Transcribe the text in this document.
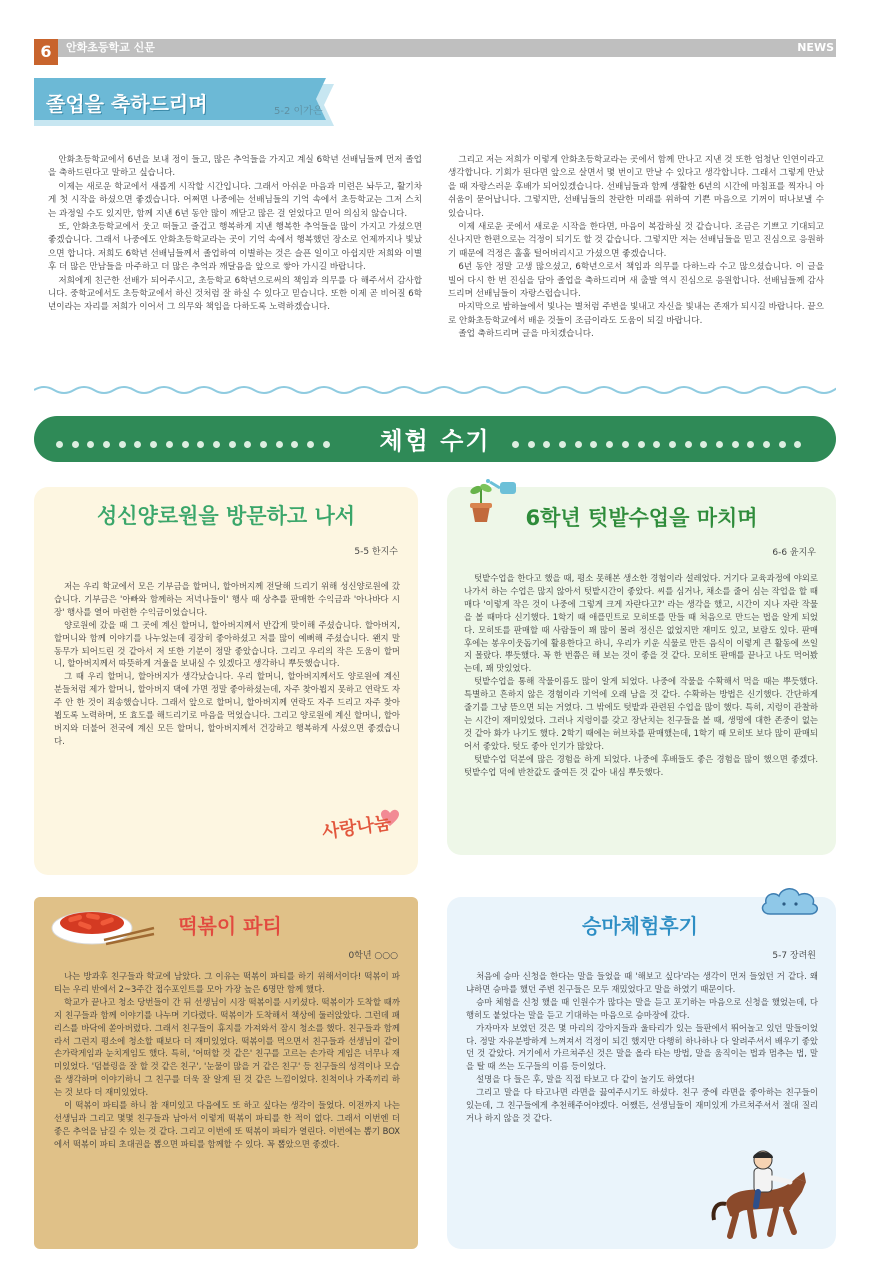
6	안화초등학교 신문	NEWS
졸업을 축하드리며	5-2 이가은

안화초등학교에서 6년을 보내 정이 들고, 많은 추억들을 가지고 계실 6학년 선배님들께 먼저 졸업을 축하드린다고 말하고 싶습니다.

이제는 새로운 학교에서 새롭게 시작할 시간입니다. 그래서 아쉬운 마음과 미련은 놔두고, 활기차게 첫 시작을 하셨으면 좋겠습니다. 어쩌면 나중에는 선배님들의 기억 속에서 초등학교는 그저 스치는 과정일 수도 있지만, 함께 지낸 6년 동안 많이 깨닫고 많은 걸 얻었다고 믿어 의심치 않습니다.

또, 안화초등학교에서 웃고 떠들고 즐겁고 행복하게 지낸 행복한 추억들을 많이 가지고 가셨으면 좋겠습니다. 그래서 나중에도 안화초등학교라는 곳이 기억 속에서 행복했던 장소로 언제까지나 빛났으면 합니다. 저희도 6학년 선배님들께서 졸업하여 이별하는 것은 슬픈 일이고 아쉽지만 저희와 이별 후 더 많은 만남들을 마주하고 더 많은 추억과 깨달음을 앞으로 쌓아 가시길 바랍니다.

저희에게 친근한 선배가 되어주시고, 초등학교 6학년으로써의 책임과 의무를 다 해주셔서 감사합니다. 중학교에서도 초등학교에서 하신 것처럼 잘 하실 수 있다고 믿습니다. 또한 이제 곧 비어질 6학년이라는 자리를 저희가 이어서 그 의무와 책임을 다하도록 노력하겠습니다.

그리고 저는 저희가 이렇게 안화초등학교라는 곳에서 함께 만나고 지낸 것 또한 엄청난 인연이라고 생각합니다. 기회가 된다면 앞으로 살면서 몇 번이고 만날 수 있다고 생각합니다. 그래서 그렇게 만났을 때 자랑스러운 후배가 되어있겠습니다. 선배님들과 함께 생활한 6년의 시간에 마침표를 찍자니 아쉬움이 묻어납니다. 그렇지만, 선배님들의 찬란한 미래를 위하여 기쁜 마음으로 기꺼이 떠나보낼 수 있습니다.

이제 새로운 곳에서 새로운 시작을 한다면, 마음이 복잡하실 것 같습니다. 조금은 기쁘고 기대되고 신나지만 한편으로는 걱정이 되기도 할 것 같습니다. 그렇지만 저는 선배님들을 믿고 진심으로 응원하기 때문에 걱정은 훌훌 털어버리시고 가셨으면 좋겠습니다.

6년 동안 정말 고생 많으셨고, 6학년으로서 책임과 의무를 다하느라 수고 많으셨습니다. 이 글을 빌어 다시 한 번 진심을 담아 졸업을 축하드리며 새 출발 역시 진심으로 응원합니다. 선배님들께 감사드리며 선배님들이 자랑스럽습니다.

마지막으로 밤하늘에서 빛나는 별처럼 주변을 빛내고 자신을 빛내는 존재가 되시길 바랍니다. 끝으로 안화초등학교에서 배운 것들이 조금이라도 도움이 되길 바랍니다.

졸업 축하드리며 글을 마치겠습니다.

체험 수기
성신양로원을 방문하고 나서
5-5 한지수

저는 우리 학교에서 모은 기부금을 할머니, 할아버지께 전달해 드리기 위해 성신양로원에 갔습니다. 기부금은 '아빠와 함께하는 저녁나들이' 행사 때 상추를 판매한 수익금과 '아나바다 시장' 행사를 열어 마련한 수익금이었습니다.

양로원에 갔을 때 그 곳에 계신 할머니, 할아버지께서 반갑게 맞이해 주셨습니다. 할아버지, 할머니와 함께 이야기를 나누었는데 굉장히 좋아하셨고 저를 많이 예뻐해 주셨습니다. 왠지 말동무가 되어드린 것 같아서 저 또한 기분이 정말 좋았습니다. 그리고 우리의 작은 도움이 할머니, 할아버지께서 따뜻하게 겨울을 보내실 수 있겠다고 생각하니 뿌듯했습니다.

그 때 우리 할머니, 할아버지가 생각났습니다. 우리 할머니, 할아버지께서도 양로원에 계신 분들처럼 제가 할머니, 할아버지 댁에 가면 정말 좋아하셨는데, 자주 찾아뵙지 못하고 연락도 자주 안 한 것이 죄송했습니다. 그래서 앞으로 할머니, 할아버지께 연락도 자주 드리고 자주 찾아뵙도록 노력하며, 또 효도를 해드리기로 마음을 먹었습니다. 그리고 양로원에 계신 할머니, 할아버지와 더불어 전국에 계신 모든 할머니, 할아버지께서 건강하고 행복하게 사셨으면 좋겠습니다.

사랑나눔
6학년 텃밭수업을 마치며
6-6 윤지우

텃밭수업을 한다고 했을 때, 평소 못해본 생소한 경험이라 설레었다. 거기다 교육과정에 야외로 나가서 하는 수업은 많지 않아서 텃밭시간이 좋았다. 씨를 심거나, 채소를 줄어 심는 작업을 할 때 매다 '이렇게 작은 것이 나중에 그렇게 크게 자란다고?' 라는 생각을 했고, 시간이 지나 자란 작물을 볼 때마다 신기했다. 1학기 때 애플민트로 모히또를 만들 때 처음으로 만드는 법을 알게 되었다. 모히또를 판매할 때 사람들이 꽤 많이 몰려 정신은 없었지만 재미도 있고, 보람도 있다. 판매 후에는 봉우이웃돕기에 활용한다고 하니, 우리가 키운 식물로 만든 음식이 이렇게 큰 활동에 쓰일지 몰랐다. 뿌듯했다. 꼭 한 번쯤은 해 보는 것이 좋을 것 같다. 모히또 판매를 끝나고 나도 먹어봤는데, 꽤 맛있었다.

텃밭수업을 통해 작물이름도 많이 알게 되었다. 나중에 작물을 수확해서 먹을 때는 뿌듯했다. 특별하고 흔하지 않은 경험이라 기억에 오래 남을 것 같다. 수확하는 방법은 신기했다. 간단하게 줄기를 그냥 뜯으면 되는 거였다. 그 밖에도 텃밭과 관련된 수업을 많이 했다. 특히, 지렁이 관찰하는 시간이 재미있었다. 그러나 지렁이를 갖고 장난치는 친구들을 볼 때, 생명에 대한 존중이 없는 것 같아 화가 나기도 했다. 2학기 때에는 허브차를 판매했는데, 1학기 때 모히또 보다 많이 판매되어서 좋았다. 텃도 좋아 인기가 많았다.

텃밭수업 덕분에 많은 경험을 하게 되었다. 나중에 후배들도 좋은 경험을 많이 했으면 좋겠다. 텃밭수업 덕에 반찬값도 줄여든 것 같아 내심 뿌듯했다.

떡볶이 파티
0학년 ○○○

나는 방과후 친구들과 학교에 남았다. 그 이유는 떡볶이 파티를 하기 위해서이다! 떡볶이 파티는 우리 반에서 2~3주간 접수포인트를 모아 가장 높은 6명만 함께 했다.

학교가 끝나고 청소 당번들이 간 뒤 선생님이 시장 떡볶이를 시키셨다. 떡볶이가 도착할 때까지 친구들과 함께 이야기를 나누며 기다렸다. 떡볶이가 도착해서 책상에 둘러앉았다. 그런데 패리스를 바닥에 쏟아버렸다. 그래서 친구들이 휴지를 가져와서 잠시 청소를 했다. 친구들과 함께라서 그런지 평소에 청소할 때보다 더 재미있었다. 떡볶이를 먹으면서 친구들과 선생님이 같이 손가락게임과 눈치게임도 했다. 특히, '어떠할 것 같은' 친구를 고르는 손가락 게임은 너무나 재미있었다. '덤블링을 잘 할 것 같은 친구', '눈물이 많을 거 같은 친구' 등 친구들의 성격이나 모습을 생각하며 이야기하니 그 친구를 더욱 잘 알게 된 것 같은 느낌이었다. 친척이나 가족끼리 하는 것 보다 더 재미있었다.

이 떡볶이 파티를 하니 참 재미있고 다음에도 또 하고 싶다는 생각이 들었다. 이전까지 나는 선생님과 그리고 몇몇 친구들과 남아서 이렇게 떡볶이 파티를 한 적이 없다. 그래서 이번엔 더 좋은 추억을 남길 수 있는 것 같다. 그리고 이번에 또 떡볶이 파티가 열린다. 이번에는 뽑기 BOX에서 떡볶이 파티 초대권을 뽑으면 파티를 함께할 수 있다. 꼭 뽑았으면 좋겠다.

승마체험후기
5-7 장려원

처음에 승마 신청을 한다는 말을 들었을 때 '해보고 싶다'라는 생각이 먼저 들었던 거 같다. 왜냐하면 승마를 했던 주변 친구들은 모두 재밌었다고 말을 하였기 때문이다.

승마 체험을 신청 했을 때 인원수가 많다는 말을 듣고 포기하는 마음으로 신청을 했었는데, 다행히도 붙었다는 말을 듣고 기대하는 마음으로 승마장에 갔다.

가자마자 보였던 것은 몇 마리의 강아지들과 울타리가 있는 들판에서 뛰어놀고 있던 말들이었다. 정말 자유분방하게 느껴져서 걱정이 되긴 했지만 다행히 하나하나 다 알려주셔서 배우기 좋았던 것 같았다. 거기에서 가르쳐주신 것은 말을 올라 타는 방법, 말을 움직이는 법과 멈추는 법, 말을 탈 때 쓰는 도구들의 이름 등이었다.

설명을 다 들은 후, 말을 직접 타보고 다 같이 놀기도 하였다!

그리고 말을 다 타고나면 라면을 끓여주시기도 하셨다. 친구 중에 라면을 좋아하는 친구들이 있는데, 그 친구들에게 추천해주어야겠다. 어쨌든, 선생님들이 재미있게 가르쳐주셔서 절대 질리거나 하지 않을 것 같다.
